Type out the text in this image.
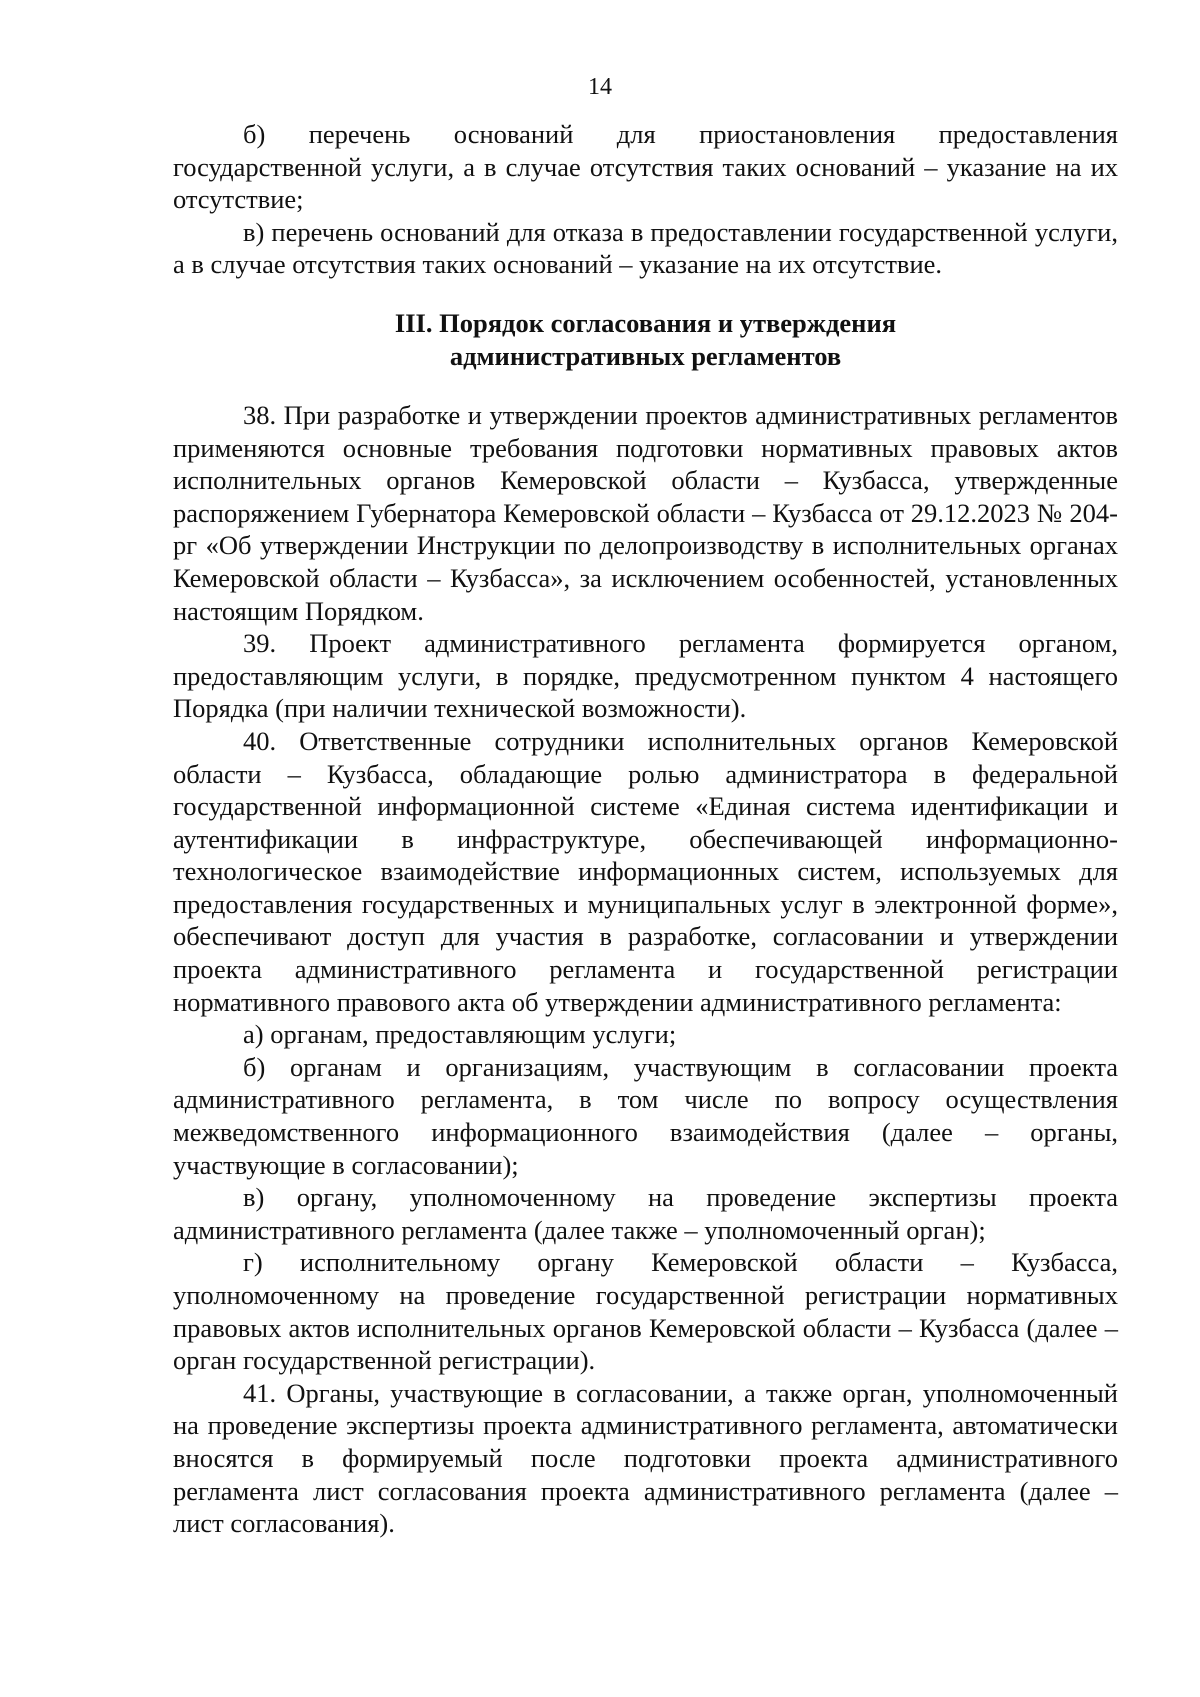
14

б) перечень оснований для приостановления предоставления государственной услуги, а в случае отсутствия таких оснований – указание на их отсутствие;

в) перечень оснований для отказа в предоставлении государственной услуги, а в случае отсутствия таких оснований – указание на их отсутствие.

III. Порядок согласования и утверждения
административных регламентов

38. При разработке и утверждении проектов административных регламентов применяются основные требования подготовки нормативных правовых актов исполнительных органов Кемеровской области – Кузбасса, утвержденные распоряжением Губернатора Кемеровской области – Кузбасса от 29.12.2023 № 204-рг «Об утверждении Инструкции по делопроизводству в исполнительных органах Кемеровской области – Кузбасса», за исключением особенностей, установленных настоящим Порядком.

39. Проект административного регламента формируется органом, предоставляющим услуги, в порядке, предусмотренном пунктом 4 настоящего Порядка (при наличии технической возможности).

40. Ответственные сотрудники исполнительных органов Кемеровской области – Кузбасса, обладающие ролью администратора в федеральной государственной информационной системе «Единая система идентификации и аутентификации в инфраструктуре, обеспечивающей информационно-технологическое взаимодействие информационных систем, используемых для предоставления государственных и муниципальных услуг в электронной форме», обеспечивают доступ для участия в разработке, согласовании и утверждении проекта административного регламента и государственной регистрации нормативного правового акта об утверждении административного регламента:

а) органам, предоставляющим услуги;

б) органам и организациям, участвующим в согласовании проекта административного регламента, в том числе по вопросу осуществления межведомственного информационного взаимодействия (далее – органы, участвующие в согласовании);

в) органу, уполномоченному на проведение экспертизы проекта административного регламента (далее также – уполномоченный орган);

г) исполнительному органу Кемеровской области – Кузбасса, уполномоченному на проведение государственной регистрации нормативных правовых актов исполнительных органов Кемеровской области – Кузбасса (далее – орган государственной регистрации).

41. Органы, участвующие в согласовании, а также орган, уполномоченный на проведение экспертизы проекта административного регламента, автоматически вносятся в формируемый после подготовки проекта административного регламента лист согласования проекта административного регламента (далее – лист согласования).
